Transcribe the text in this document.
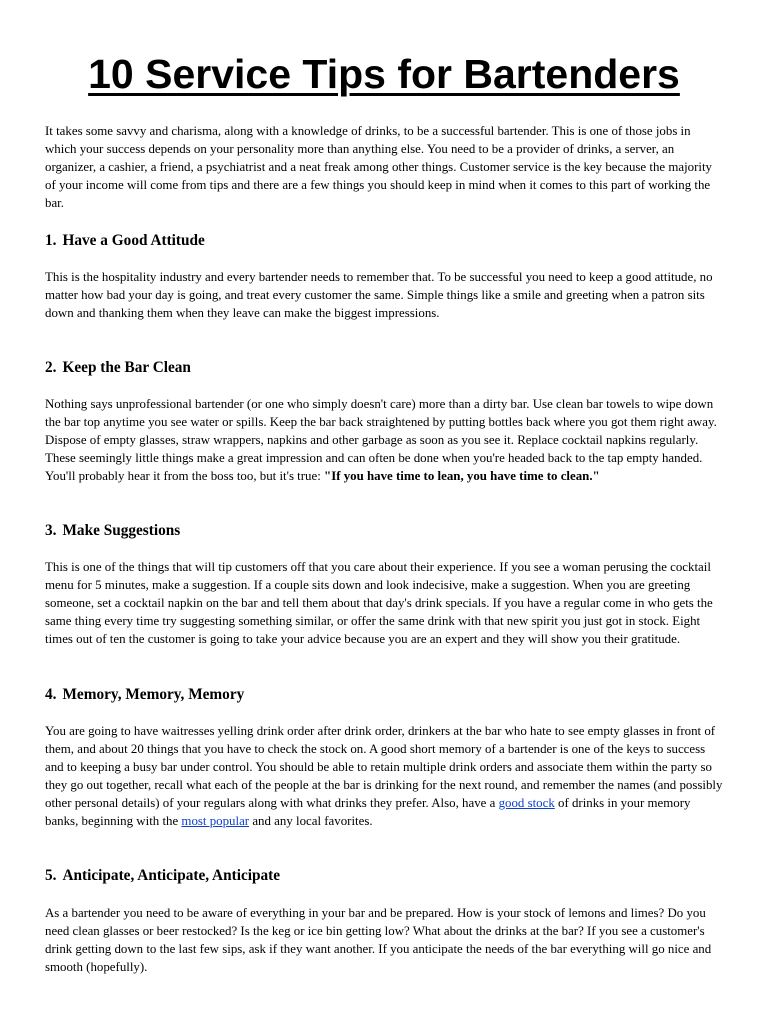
10 Service Tips for Bartenders

It takes some savvy and charisma, along with a knowledge of drinks, to be a successful bartender. This is one of those jobs in which your success depends on your personality more than anything else. You need to be a provider of drinks, a server, an organizer, a cashier, a friend, a psychiatrist and a neat freak among other things. Customer service is the key because the majority of your income will come from tips and there are a few things you should keep in mind when it comes to this part of working the bar.

1. Have a Good Attitude

This is the hospitality industry and every bartender needs to remember that. To be successful you need to keep a good attitude, no matter how bad your day is going, and treat every customer the same. Simple things like a smile and greeting when a patron sits down and thanking them when they leave can make the biggest impressions.

2. Keep the Bar Clean

Nothing says unprofessional bartender (or one who simply doesn't care) more than a dirty bar. Use clean bar towels to wipe down the bar top anytime you see water or spills. Keep the bar back straightened by putting bottles back where you got them right away. Dispose of empty glasses, straw wrappers, napkins and other garbage as soon as you see it. Replace cocktail napkins regularly. These seemingly little things make a great impression and can often be done when you're headed back to the tap empty handed. You'll probably hear it from the boss too, but it's true: "If you have time to lean, you have time to clean."

3. Make Suggestions

This is one of the things that will tip customers off that you care about their experience. If you see a woman perusing the cocktail menu for 5 minutes, make a suggestion. If a couple sits down and look indecisive, make a suggestion. When you are greeting someone, set a cocktail napkin on the bar and tell them about that day's drink specials. If you have a regular come in who gets the same thing every time try suggesting something similar, or offer the same drink with that new spirit you just got in stock. Eight times out of ten the customer is going to take your advice because you are an expert and they will show you their gratitude.

4. Memory, Memory, Memory

You are going to have waitresses yelling drink order after drink order, drinkers at the bar who hate to see empty glasses in front of them, and about 20 things that you have to check the stock on. A good short memory of a bartender is one of the keys to success and to keeping a busy bar under control. You should be able to retain multiple drink orders and associate them within the party so they go out together, recall what each of the people at the bar is drinking for the next round, and remember the names (and possibly other personal details) of your regulars along with what drinks they prefer. Also, have a good stock of drinks in your memory banks, beginning with the most popular and any local favorites.

5. Anticipate, Anticipate, Anticipate

As a bartender you need to be aware of everything in your bar and be prepared. How is your stock of lemons and limes? Do you need clean glasses or beer restocked? Is the keg or ice bin getting low? What about the drinks at the bar? If you see a customer's drink getting down to the last few sips, ask if they want another. If you anticipate the needs of the bar everything will go nice and smooth (hopefully).
